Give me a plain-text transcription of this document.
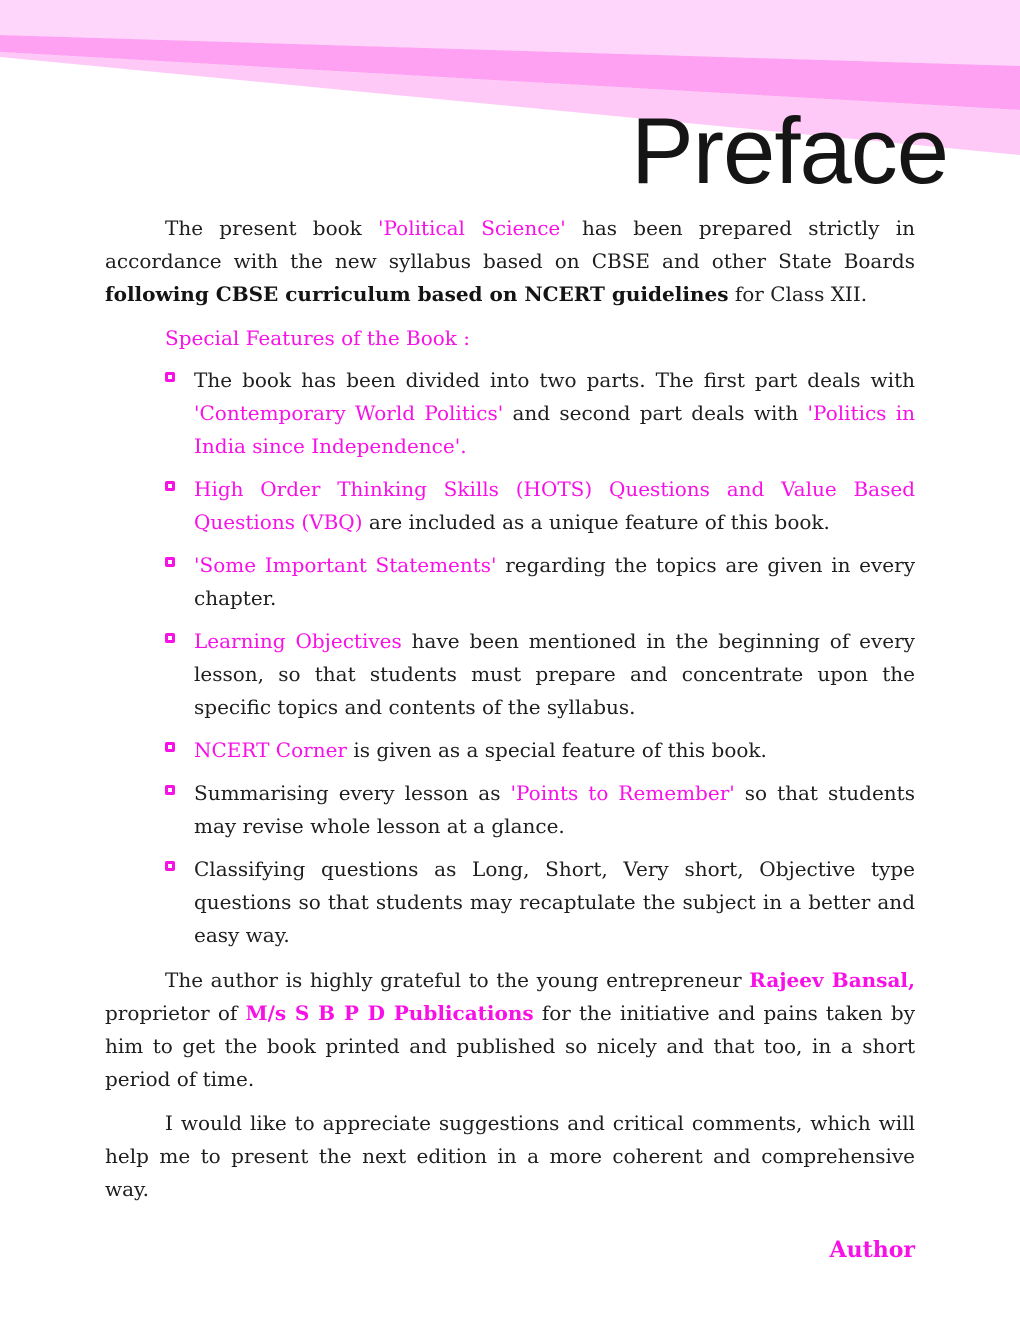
Preface

The present book 'Political Science' has been prepared strictly in accordance with the new syllabus based on CBSE and other State Boards following CBSE curriculum based on NCERT guidelines for Class XII.

Special Features of the Book :
The book has been divided into two parts. The first part deals with 'Contemporary World Politics' and second part deals with 'Politics in India since Independence'.
High Order Thinking Skills (HOTS) Questions and Value Based Questions (VBQ) are included as a unique feature of this book.
'Some Important Statements' regarding the topics are given in every chapter.
Learning Objectives have been mentioned in the beginning of every lesson, so that students must prepare and concentrate upon the specific topics and contents of the syllabus.
NCERT Corner is given as a special feature of this book.
Summarising every lesson as 'Points to Remember' so that students may revise whole lesson at a glance.
Classifying questions as Long, Short, Very short, Objective type questions so that students may recaptulate the subject in a better and easy way.

The author is highly grateful to the young entrepreneur Rajeev Bansal, proprietor of M/s S B P D Publications for the initiative and pains taken by him to get the book printed and published so nicely and that too, in a short period of time.

I would like to appreciate suggestions and critical comments, which will help me to present the next edition in a more coherent and comprehensive way.

Author
